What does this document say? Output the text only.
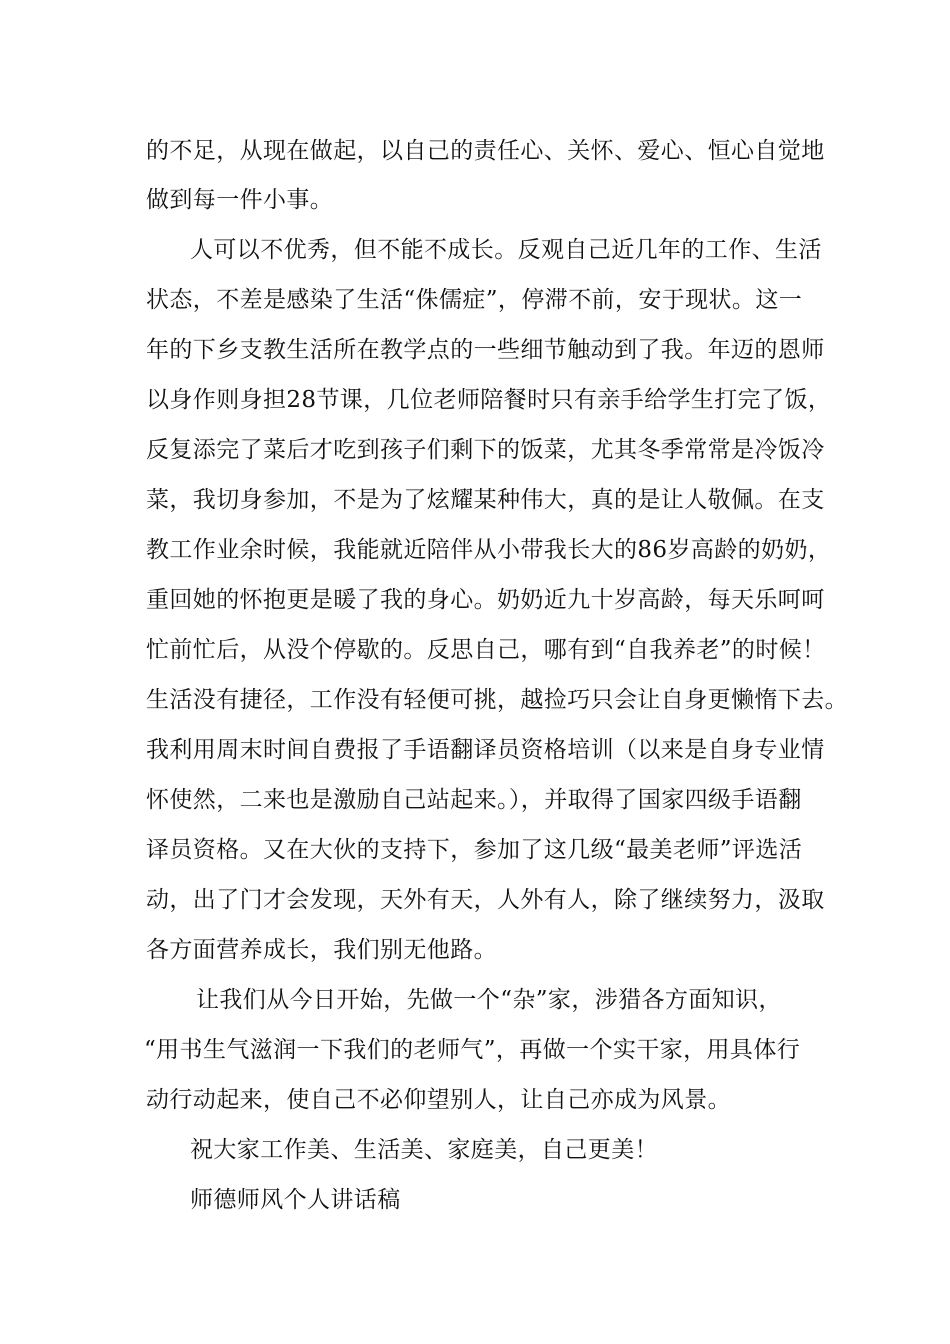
的不足，从现在做起，以自己的责任心、关怀、爱心、恒心自觉地
做到每一件小事。
人可以不优秀，但不能不成长。反观自己近几年的工作、生活
状态，不差是感染了生活“侏儒症”，停滞不前，安于现状。这一
年的下乡支教生活所在教学点的一些细节触动到了我。年迈的恩师
以身作则身担28节课，几位老师陪餐时只有亲手给学生打完了饭，
反复添完了菜后才吃到孩子们剩下的饭菜，尤其冬季常常是冷饭冷
菜，我切身参加，不是为了炫耀某种伟大，真的是让人敬佩。在支
教工作业余时候，我能就近陪伴从小带我长大的86岁高龄的奶奶，
重回她的怀抱更是暖了我的身心。奶奶近九十岁高龄，每天乐呵呵
忙前忙后，从没个停歇的。反思自己，哪有到“自我养老”的时候！
生活没有捷径，工作没有轻便可挑，越捡巧只会让自身更懒惰下去。
我利用周末时间自费报了手语翻译员资格培训（以来是自身专业情
怀使然，二来也是激励自己站起来。），并取得了国家四级手语翻
译员资格。又在大伙的支持下，参加了这几级“最美老师”评选活
动，出了门才会发现，天外有天，人外有人，除了继续努力，汲取
各方面营养成长，我们别无他路。
让我们从今日开始，先做一个“杂”家，涉猎各方面知识，
“用书生气滋润一下我们的老师气”，再做一个实干家，用具体行
动行动起来，使自己不必仰望别人，让自己亦成为风景。
祝大家工作美、生活美、家庭美，自己更美！
师德师风个人讲话稿
